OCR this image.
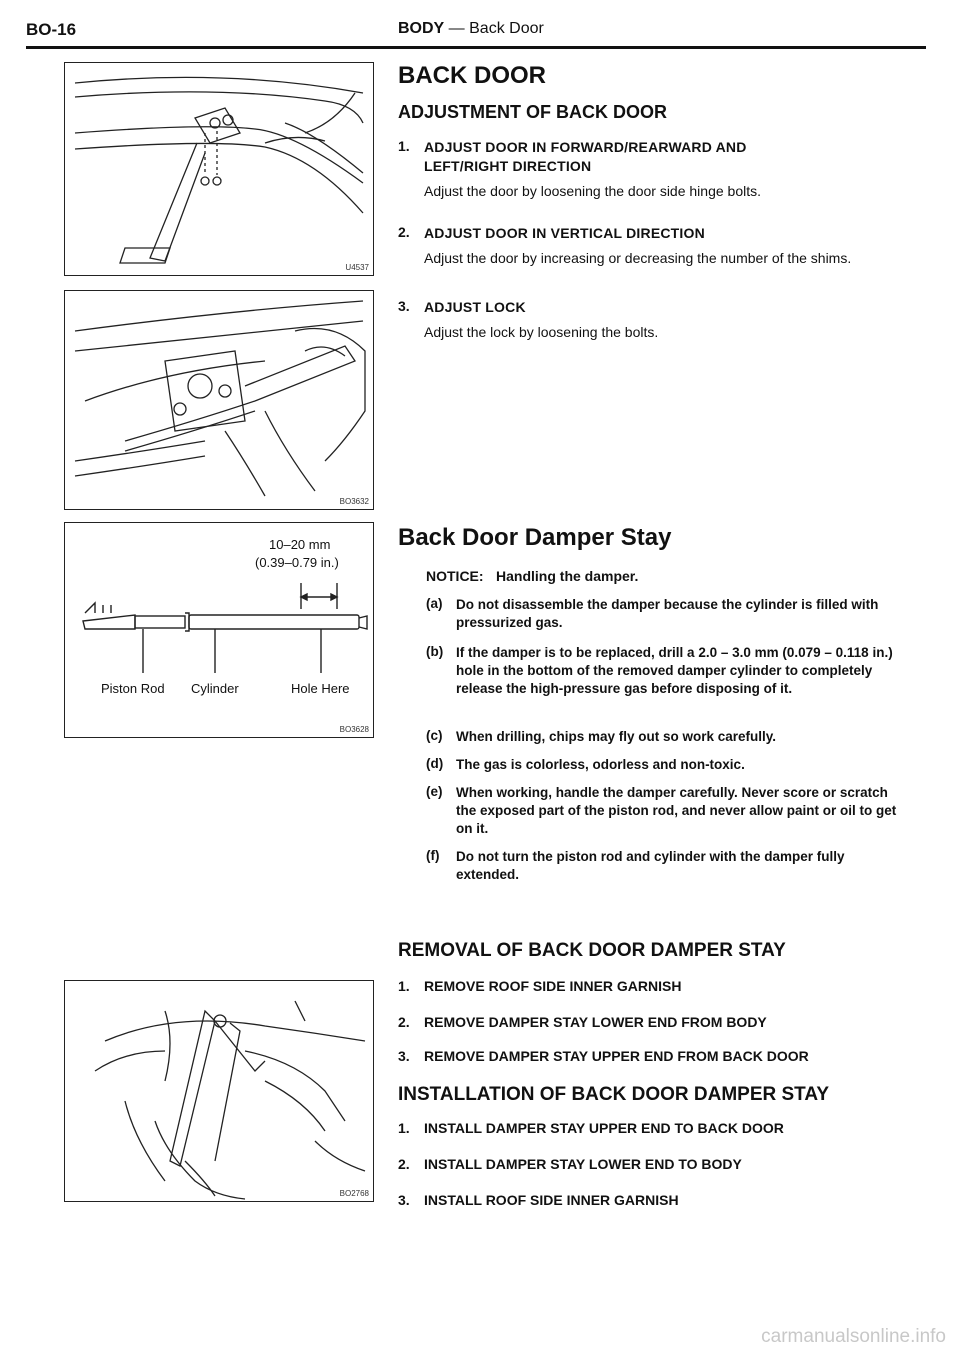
BO-16	BODY — Back Door
U4537
BO3632
10–20 mm
(0.39–0.79 in.)
Piston Rod Cylinder	Hole Here
BO3628
BO2768
BACK DOOR
ADJUSTMENT OF BACK DOOR
1. ADJUST DOOR IN FORWARD/REARWARD AND
LEFT/RIGHT DIRECTION
Adjust the door by loosening the door side hinge bolts.
2. ADJUST DOOR IN VERTICAL DIRECTION
Adjust the door by increasing or decreasing the number of the shims.
3. ADJUST LOCK
Adjust the lock by loosening the bolts.
Back Door Damper Stay
NOTICE: Handling the damper.
(a) Do not disassemble the damper because the cylinder is filled with pressurized gas.
(b) If the damper is to be replaced, drill a 2.0 – 3.0 mm (0.079 – 0.118 in.) hole in the bottom of the removed damper cylinder to completely release the high-pressure gas before disposing of it.
(c) When drilling, chips may fly out so work carefully.
(d) The gas is colorless, odorless and non-toxic.
(e) When working, handle the damper carefully. Never score or scratch the exposed part of the piston rod, and never allow paint or oil to get on it.
(f) Do not turn the piston rod and cylinder with the damper fully extended.
REMOVAL OF BACK DOOR DAMPER STAY
1. REMOVE ROOF SIDE INNER GARNISH
2. REMOVE DAMPER STAY LOWER END FROM BODY
3. REMOVE DAMPER STAY UPPER END FROM BACK DOOR
INSTALLATION OF BACK DOOR DAMPER STAY
1. INSTALL DAMPER STAY UPPER END TO BACK DOOR
2. INSTALL DAMPER STAY LOWER END TO BODY
3. INSTALL ROOF SIDE INNER GARNISH
carmanualsonline.info
